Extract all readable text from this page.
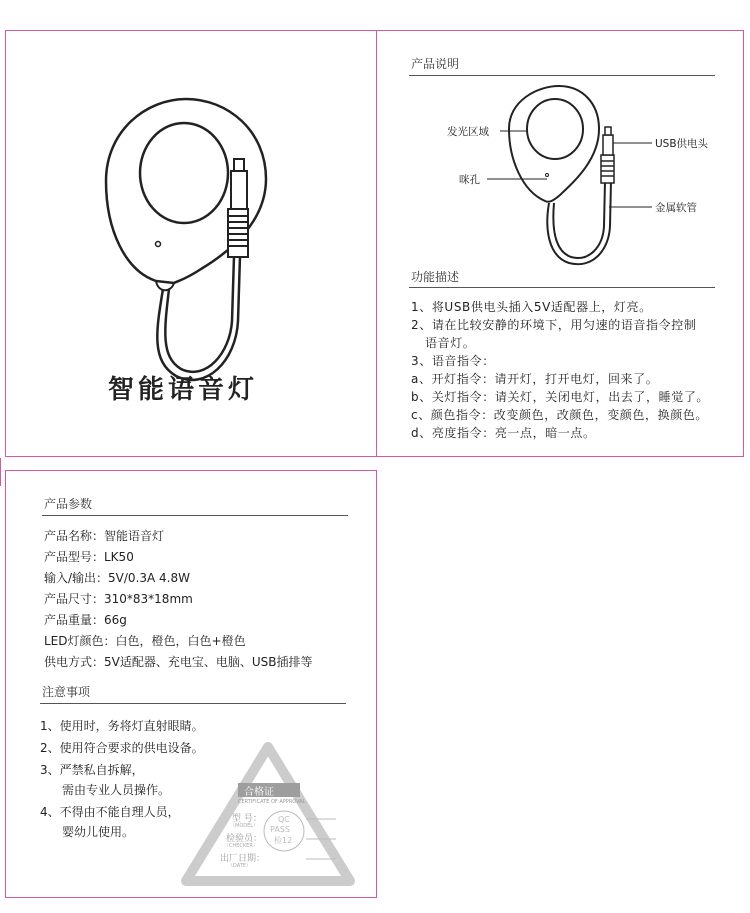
智能语音灯
产品说明
发光区域
咪孔
USB供电头
金属软管
功能描述
1、将USB供电头插入5V适配器上，灯亮。
2、请在比较安静的环境下，用匀速的语音指令控制
语音灯。
3、语音指令：
a、开灯指令：请开灯，打开电灯，回来了。
b、关灯指令：请关灯，关闭电灯，出去了，睡觉了。
c、颜色指令：改变颜色，改颜色，变颜色，换颜色。
d、亮度指令：亮一点，暗一点。
产品参数
产品名称：智能语音灯
产品型号：LK50
输入/输出：5V/0.3A 4.8W
产品尺寸：310*83*18mm
产品重量：66g
LED灯颜色：白色，橙色，白色+橙色
供电方式：5V适配器、充电宝、电脑、USB插排等
注意事项
1、使用时，务将灯直射眼睛。
2、使用符合要求的供电设备。
3、严禁私自拆解，
需由专业人员操作。
4、不得由不能自理人员，
婴幼儿使用。
合格证
CERTIFICATE OF APPROVAL
型 号：
（MODEL）
检验员：
（CHECKER）
出厂日期：
（DATE）
QC
PASS
检12
